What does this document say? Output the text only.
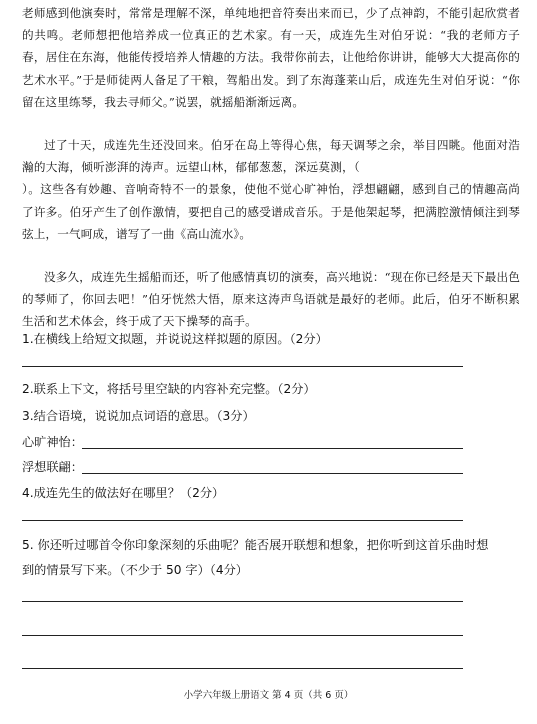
老师感到他演奏时，常常是理解不深，单纯地把音符奏出来而已，少了点神韵，不能引起欣赏者的共鸣。老师想把他培养成一位真正的艺术家。有一天，成连先生对伯牙说：“我的老师方子春，居住在东海，他能传授培养人情趣的方法。我带你前去，让他给你讲讲，能够大大提高你的艺术水平。”于是师徒两人备足了干粮，驾船出发。到了东海蓬莱山后，成连先生对伯牙说：“你留在这里练琴，我去寻师父。”说罢，就摇船渐渐远离。

过了十天，成连先生还没回来。伯牙在岛上等得心焦，每天调琴之余，举目四眺。他面对浩瀚的大海，倾听澎湃的涛声。远望山林，郁郁葱葱，深远莫测，（）。这些各有妙趣、音响奇特不一的景象，使他不觉心旷神怡，浮想翩翩，感到自己的情趣高尚了许多。伯牙产生了创作激情，要把自己的感受谱成音乐。于是他架起琴，把满腔激情倾注到琴弦上，一气呵成，谱写了一曲《高山流水》。

没多久，成连先生摇船而还，听了他感情真切的演奏，高兴地说：“现在你已经是天下最出色的琴师了，你回去吧！”伯牙恍然大悟，原来这涛声鸟语就是最好的老师。此后，伯牙不断积累生活和艺术体会，终于成了天下操琴的高手。

1.在横线上给短文拟题，并说说这样拟题的原因。（2分）
2.联系上下文，将括号里空缺的内容补充完整。（2分）
3.结合语境，说说加点词语的意思。（3分）
心旷神怡：
浮想联翩：
4.成连先生的做法好在哪里？（2分）

5. 你还听过哪首令你印象深刻的乐曲呢？能否展开联想和想象，把你听到这首乐曲时想到的情景写下来。（不少于 50 字）（4分）

小学六年级上册语文 第 4 页（共 6 页）
